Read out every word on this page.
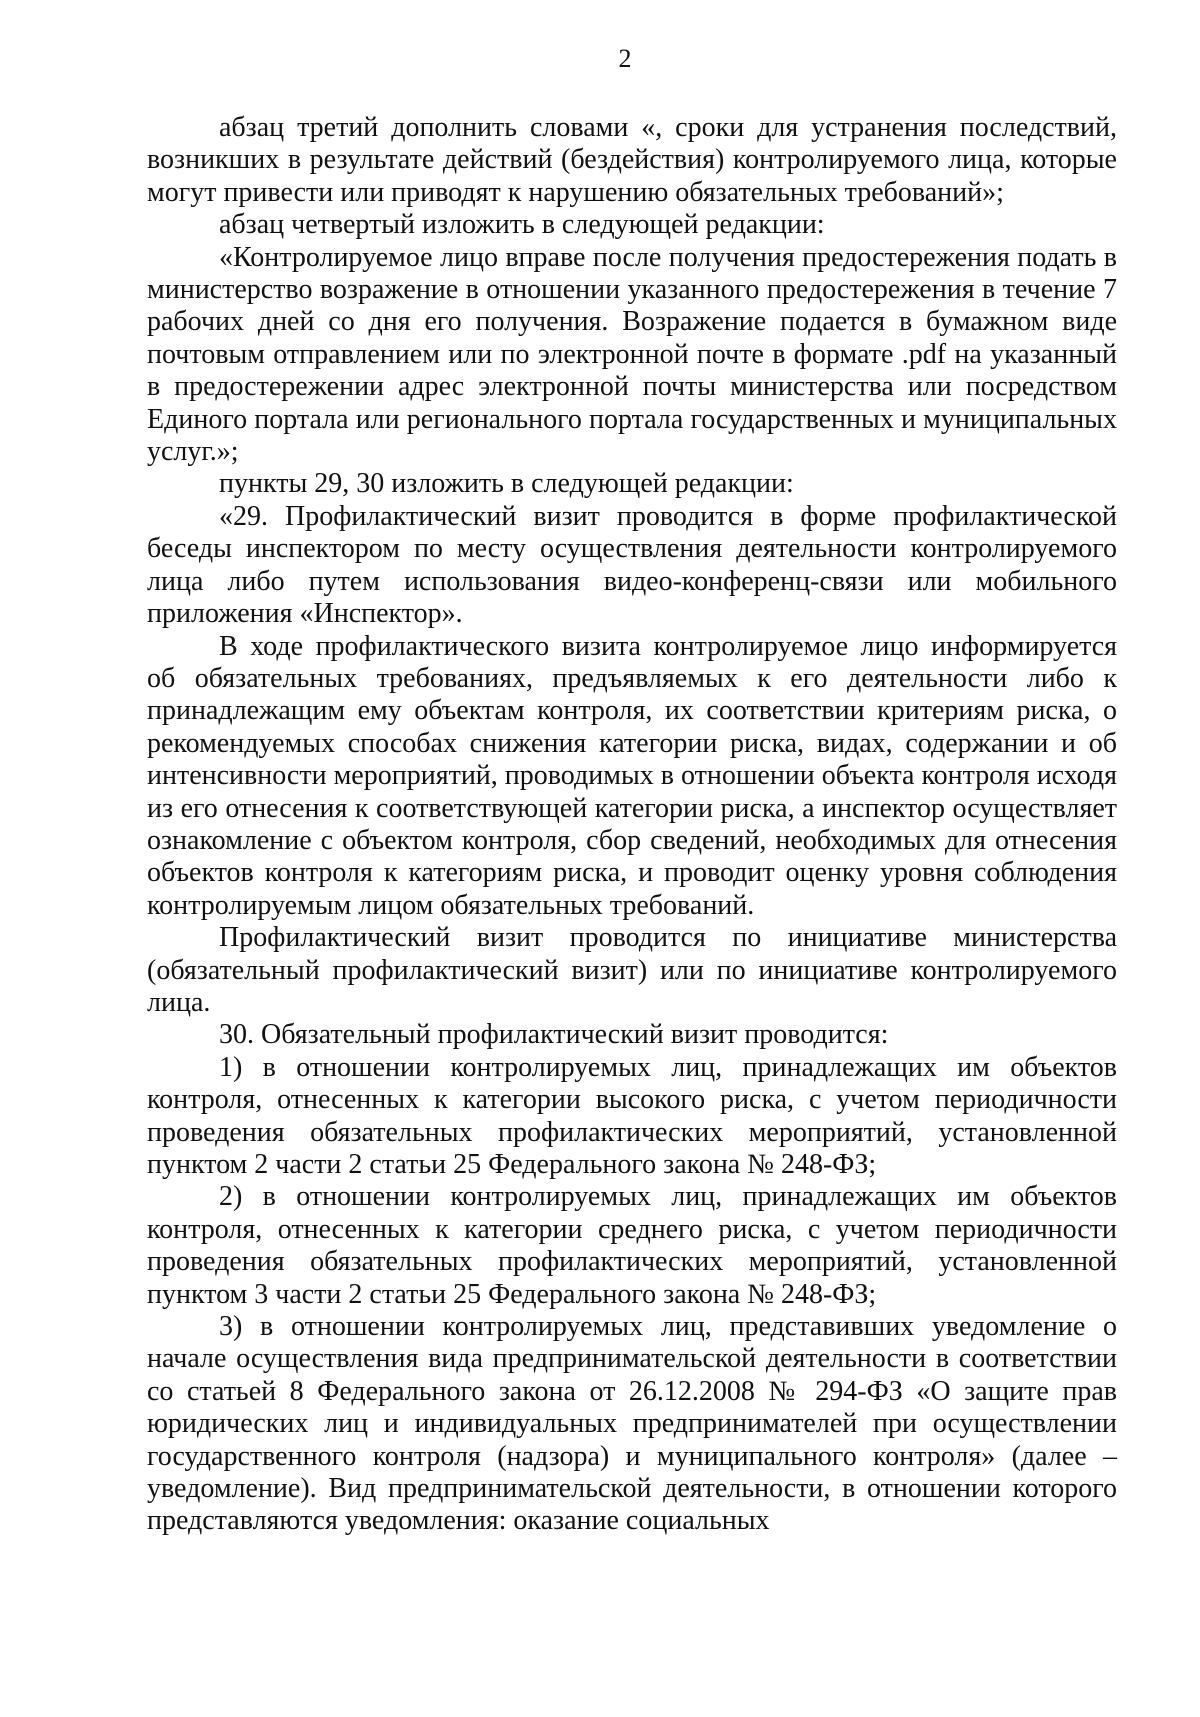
2

абзац третий дополнить словами «, сроки для устранения последствий, возникших в результате действий (бездействия) контролируемого лица, которые могут привести или приводят к нарушению обязательных требований»;

абзац четвертый изложить в следующей редакции:

«Контролируемое лицо вправе после получения предостережения подать в министерство возражение в отношении указанного предостережения в течение 7 рабочих дней со дня его получения. Возражение подается в бумажном виде почтовым отправлением или по электронной почте в формате .pdf на указанный в предостережении адрес электронной почты министерства или посредством Единого портала или регионального портала государственных и муниципальных услуг.»;

пункты 29, 30 изложить в следующей редакции:

«29. Профилактический визит проводится в форме профилактической беседы инспектором по месту осуществления деятельности контролируемого лица либо путем использования видео-конференц-связи или мобильного приложения «Инспектор».

В ходе профилактического визита контролируемое лицо информируется об обязательных требованиях, предъявляемых к его деятельности либо к принадлежащим ему объектам контроля, их соответствии критериям риска, о рекомендуемых способах снижения категории риска, видах, содержании и об интенсивности мероприятий, проводимых в отношении объекта контроля исходя из его отнесения к соответствующей категории риска, а инспектор осуществляет ознакомление с объектом контроля, сбор сведений, необходимых для отнесения объектов контроля к категориям риска, и проводит оценку уровня соблюдения контролируемым лицом обязательных требований.

Профилактический визит проводится по инициативе министерства (обязательный профилактический визит) или по инициативе контролируемого лица.

30. Обязательный профилактический визит проводится:

1) в отношении контролируемых лиц, принадлежащих им объектов контроля, отнесенных к категории высокого риска, с учетом периодичности проведения обязательных профилактических мероприятий, установленной пунктом 2 части 2 статьи 25 Федерального закона № 248-ФЗ;

2) в отношении контролируемых лиц, принадлежащих им объектов контроля, отнесенных к категории среднего риска, с учетом периодичности проведения обязательных профилактических мероприятий, установленной пунктом 3 части 2 статьи 25 Федерального закона № 248-ФЗ;

3) в отношении контролируемых лиц, представивших уведомление о начале осуществления вида предпринимательской деятельности в соответствии со статьей 8 Федерального закона от 26.12.2008 № 294-ФЗ «О защите прав юридических лиц и индивидуальных предпринимателей при осуществлении государственного контроля (надзора) и муниципального контроля» (далее – уведомление). Вид предпринимательской деятельности, в отношении которого представляются уведомления: оказание социальных
